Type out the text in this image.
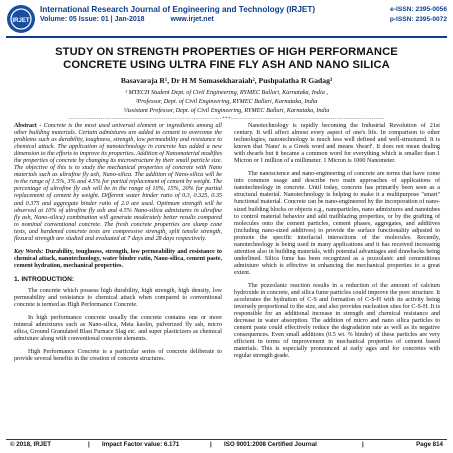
IRJET
International Research Journal of Engineering and Technology (IRJET)
Volume: 05 Issue: 01 | Jan-2018	www.irjet.net
e-ISSN: 2395-0056
p-ISSN: 2395-0072
STUDY ON STRENGTH PROPERTIES OF HIGH PERFORMANCE
CONCRETE USING ULTRA FINE FLY ASH AND NANO SILICA
Basavaraja R¹, Dr H M Somasekharaiah², Pushpalatha R Gadag³
¹ MTECH Student Dept. of Civil Engineering, RYMEC Ballari, Karnataka, India ,
²Professor, Dept. of Civil Engineering, RYMEC Ballari, Karnataka, India
³Assistant Professor, Dept. of Civil Engineering, RYMEC Ballari, Karnataka, India
-----------------------------------------------------------------------***-----------------------------------------------------------------------

Abstract - Concrete is the most used universal element or ingredients among all other building materials. Certain admixtures are added to cement to overcome the problems such as durability, toughness, strength, low permeability and resistance to chemical attack. The application of nanotechnology in concrete has added a new dimension to the efforts to improve its properties. Addition of Nanomaterial modifies the properties of concrete by changing its microstructure by their small particle size. The objective of this is to study the mechanical properties of concrete with Nano materials such as ultrafine fly ash, Nano-silica. The addition of Nano-silica will be in the range of 1.5%, 3% and 4.5% for partial replacement of cement by weight. The percentage of ultrafine fly ash will be in the range of 10%, 15%, 20% for partial replacement of cement by weight. Different water binder ratio of 0.3, 0.325, 0.35 and 0.375 and aggregate binder ratio of 2.0 are used. Optimum strength will be observed at 10% of ultrafine fly ash and 4.5% Nano-silica admixtures in ultrafine fly ash, Nano-silica) combination will generate moderately better results compared to nominal conventional concrete. The fresh concrete properties are slump cone tests, and hardened concrete tests are compressive strength, split tensile strength, flexural strength are studied and evaluated at 7 days and 28 days respectively.

Key Words: Durability, toughness, strength, low permeability and resistance to chemical attack, nanotechnology, water binder ratio, Nano-silica, cement paste, cement hydration, mechanical properties.

1. INTRODUCTION:

The concrete which possess high durability, high strength, high density, low permeability and resistance to chemical attack when compared to conventional concrete is termed as High Performance Concrete.

In high performance concrete usually the concrete contains one or more mineral admixtures such as Nano-silica, Meta kaolin, pulverized fly ash, micro silica, Ground Granulated Blast Furnace Slag etc. and super plasticizers as chemical admixture along with conventional concrete elements.

High Performance Concrete is a particular series of concrete deliberate to provide several benefits in the creation of concrete structures.

Nanotechnology is rapidly becoming the Industrial Revolution of 21st century. It will affect almost every aspect of one's life. In comparison to other technologies, nanotechnology is much less well defined and well-structured. It is known that 'Nano' is a Greek word and means 'dwarf'. It does not mean dealing with dwarfs but it became a common word for everything which is smaller than 1 Micron or 1 million of a millimeter. 1 Micron is 1000 Nanometer.

The nanoscience and nano-engineering of concrete are terms that have come into common usage and describe two main approaches of applications of nanotechnology in concrete. Until today, concrete has primarily been seen as a structural material. Nanotechnology is helping to make it a multipurpose "smart" functional material. Concrete can be nano-engineered by the incorporation of nano-sized building blocks or objects e.g., nanoparticles, nano admixtures and nanotubes to control material behavior and add trailblazing properties, or by the grafting of molecules onto the cement particles, cement phases, aggregates, and additives (including nano-sized additives) to provide the surface functionality adjusted to promote the specific interfacial interactions of the molecules. Recently, nanotechnology is being used in many applications and it has received increasing attention also in building materials, with potential advantages and drawbacks being underlined. Silica fume has been recognized as a pozzolanic and cementitious admixture which is effective in enhancing the mechanical properties to a great extent.

The pozzolanic reaction results in a reduction of the amount of calcium hydroxide in concrete, and silica fume particles could improve the pore structure. It accelerates the hydration of C-S and formation of C-S-H with its activity being inversely proportional to the size, and also provides nucleation sites for C-S-H. It is responsible for an additional increase in strength and chemical resistance and decrease in water absorption. The addition of micro and nano silica particles to cement paste could effectively reduce the degradation rate as well as its negative consequences. Even small additions (0.5 wt. % binder) of these particles are very efficient in terms of improvement in mechanical properties of cement based materials. This is especially pronounced at early ages and for concretes with regular strength grade.

© 2018, IRJET	| Impact Factor value: 6.171	| ISO 9001:2008 Certified Journal	|	Page 814
